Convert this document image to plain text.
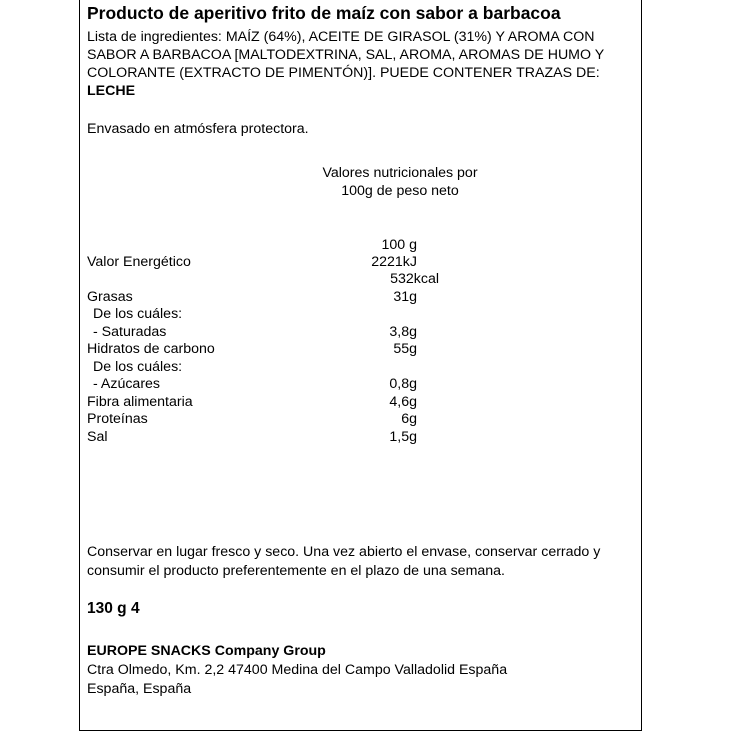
Producto de aperitivo frito de maíz con sabor a barbacoa
Lista de ingredientes: MAÍZ (64%), ACEITE DE GIRASOL (31%) Y AROMA CON SABOR A BARBACOA [MALTODEXTRINA, SAL, AROMA, AROMAS DE HUMO Y COLORANTE (EXTRACTO DE PIMENTÓN)]. PUEDE CONTENER TRAZAS DE: LECHE
Envasado en atmósfera protectora.
Valores nutricionales por
100g de peso neto
100 g
Valor Energético	2221kJ
532kcal
Grasas	31g
De los cuáles:
- Saturadas	3,8g
Hidratos de carbono	55g
De los cuáles:
- Azúcares	0,8g
Fibra alimentaria	4,6g
Proteínas	6g
Sal	1,5g
Conservar en lugar fresco y seco. Una vez abierto el envase, conservar cerrado y
consumir el producto preferentemente en el plazo de una semana.
130 g 4
EUROPE SNACKS Company Group
Ctra Olmedo, Km. 2,2 47400 Medina del Campo Valladolid España
España, España
